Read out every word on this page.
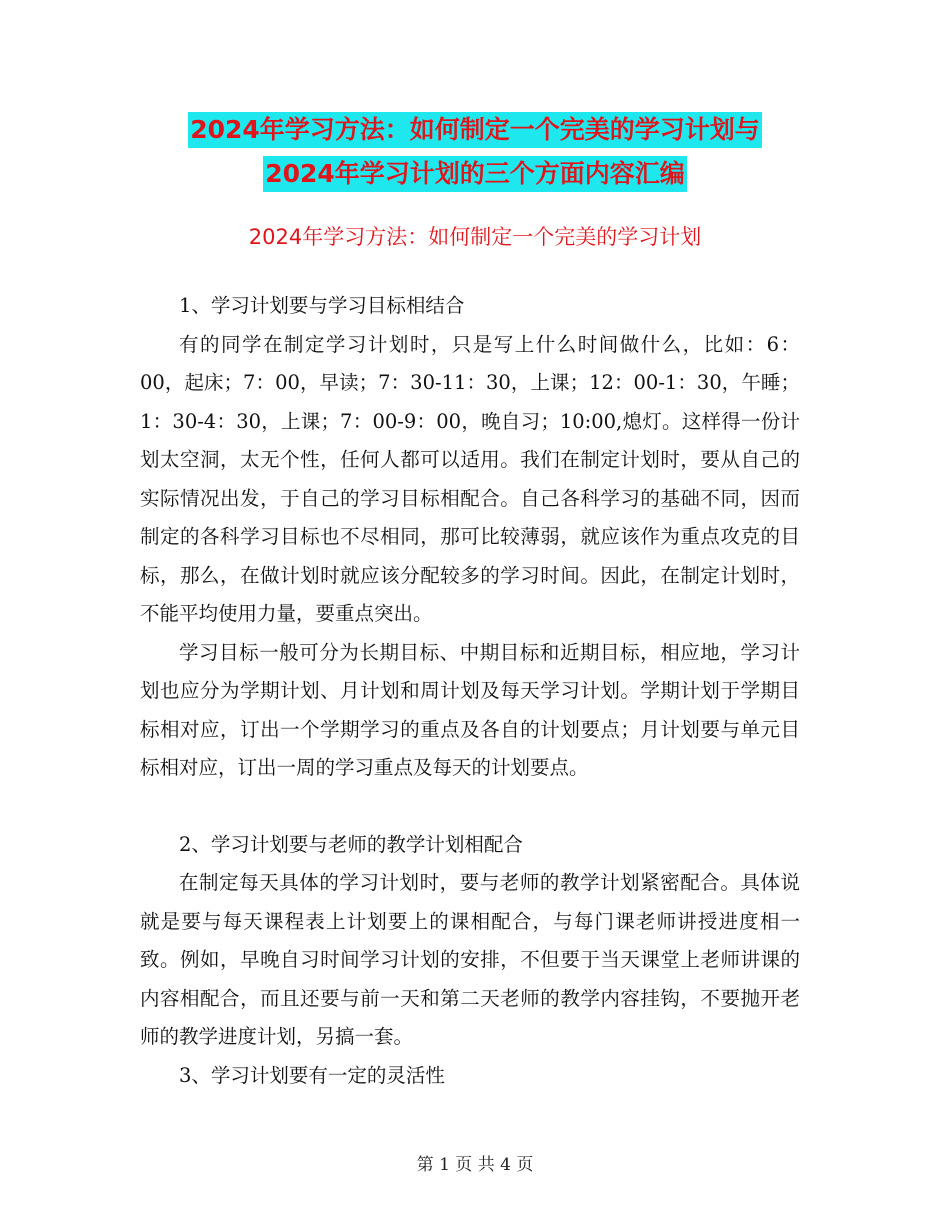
2024年学习方法：如何制定一个完美的学习计划与
2024年学习计划的三个方面内容汇编
2024年学习方法：如何制定一个完美的学习计划

1、学习计划要与学习目标相结合

有的同学在制定学习计划时，只是写上什么时间做什么，比如：6：00，起床；7：00，早读；7：30-11：30，上课；12：00-1：30，午睡；1：30-4：30，上课；7：00-9：00，晚自习；10:00,熄灯。这样得一份计划太空洞，太无个性，任何人都可以适用。我们在制定计划时，要从自己的实际情况出发，于自己的学习目标相配合。自己各科学习的基础不同，因而制定的各科学习目标也不尽相同，那可比较薄弱，就应该作为重点攻克的目标，那么，在做计划时就应该分配较多的学习时间。因此，在制定计划时，不能平均使用力量，要重点突出。

学习目标一般可分为长期目标、中期目标和近期目标，相应地，学习计划也应分为学期计划、月计划和周计划及每天学习计划。学期计划于学期目标相对应，订出一个学期学习的重点及各自的计划要点；月计划要与单元目标相对应，订出一周的学习重点及每天的计划要点。

2、学习计划要与老师的教学计划相配合

在制定每天具体的学习计划时，要与老师的教学计划紧密配合。具体说就是要与每天课程表上计划要上的课相配合，与每门课老师讲授进度相一致。例如，早晚自习时间学习计划的安排，不但要于当天课堂上老师讲课的内容相配合，而且还要与前一天和第二天老师的教学内容挂钩，不要抛开老师的教学进度计划，另搞一套。

3、学习计划要有一定的灵活性

第 1 页 共 4 页
